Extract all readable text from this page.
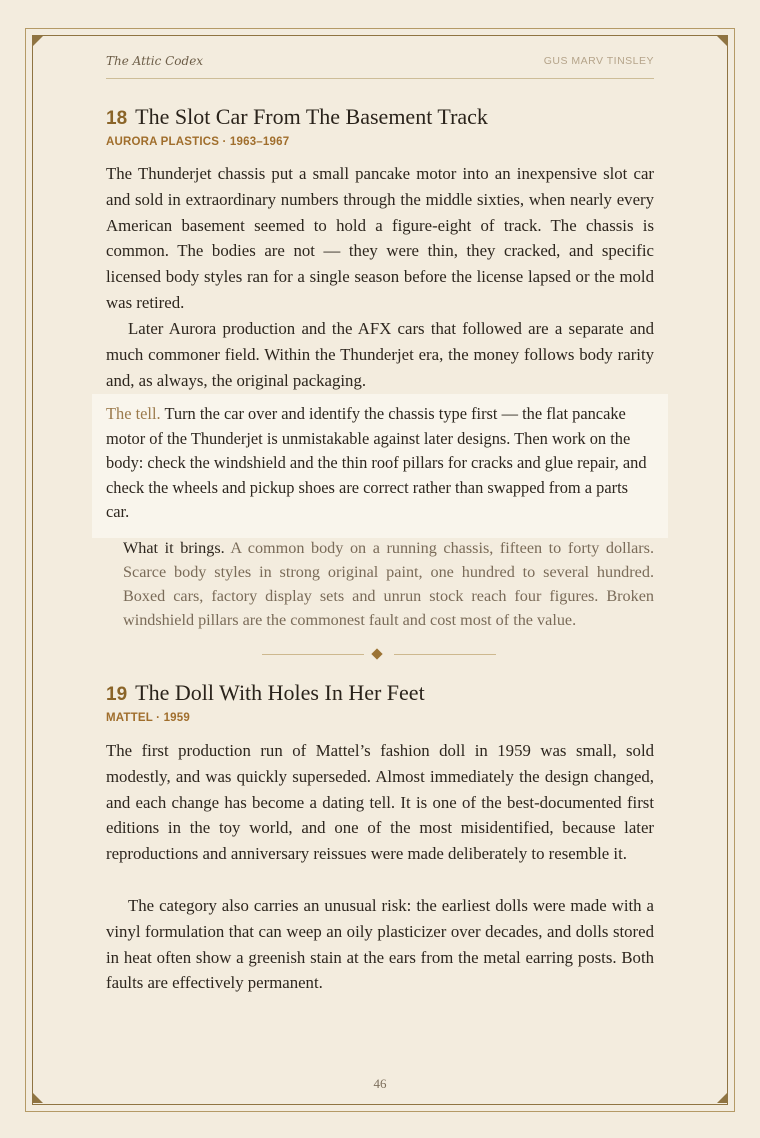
The Attic Codex	GUS MARV TINSLEY
18 The Slot Car From The Basement Track
AURORA PLASTICS · 1963–1967

The Thunderjet chassis put a small pancake motor into an inexpensive slot car and sold in extraordinary numbers through the middle sixties, when nearly every American basement seemed to hold a figure-eight of track. The chassis is common. The bodies are not — they were thin, they cracked, and specific licensed body styles ran for a single season before the license lapsed or the mold was retired.

Later Aurora production and the AFX cars that followed are a separate and much commoner field. Within the Thunderjet era, the money follows body rarity and, as always, the original packaging.

The tell. Turn the car over and identify the chassis type first — the flat pancake motor of the Thunderjet is unmistakable against later designs. Then work on the body: check the windshield and the thin roof pillars for cracks and glue repair, and check the wheels and pickup shoes are correct rather than swapped from a parts car.

What it brings. A common body on a running chassis, fifteen to forty dollars. Scarce body styles in strong original paint, one hundred to several hundred. Boxed cars, factory display sets and unrun stock reach four figures. Broken windshield pillars are the commonest fault and cost most of the value.

19 The Doll With Holes In Her Feet
MATTEL · 1959

The first production run of Mattel’s fashion doll in 1959 was small, sold modestly, and was quickly superseded. Almost immediately the design changed, and each change has become a dating tell. It is one of the best-documented first editions in the toy world, and one of the most misidentified, because later reproductions and anniversary reissues were made deliberately to resemble it.

The category also carries an unusual risk: the earliest dolls were made with a vinyl formulation that can weep an oily plasticizer over decades, and dolls stored in heat often show a greenish stain at the ears from the metal earring posts. Both faults are effectively permanent.

46
